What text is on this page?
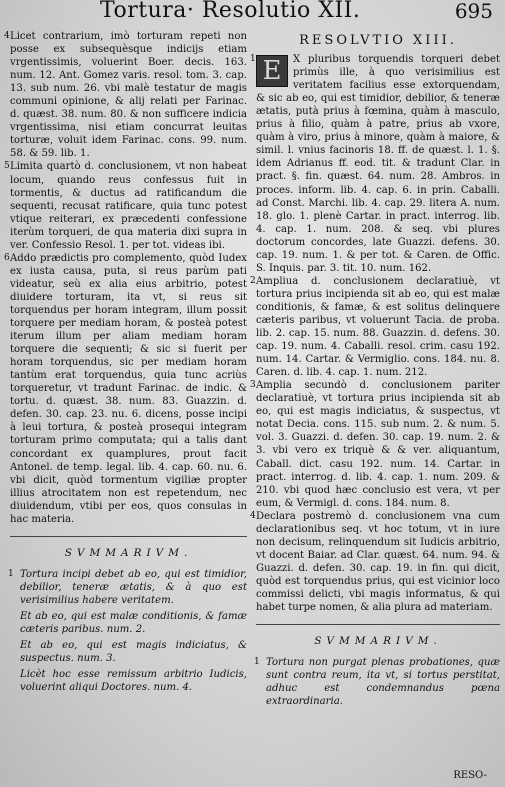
Tortura· Resolutio XII.	695

4 Licet contrarium, imò torturam repeti non posse ex subsequèsque indicijs etiam vrgentissimis, voluerint Boer. decis. 163. num. 12. Ant. Gomez varis. resol. tom. 3. cap. 13. sub num. 26. vbi malè testatur de magis communi opinione, & alij relati per Farinac. d. quæst. 38. num. 80. & non sufficere indicia vrgentissima, nisi etiam concurrat leuitas torturæ, voluit idem Farinac. cons. 99. num. 58. & 59. lib. 1.

5 Limita quartò d. conclusionem, vt non habeat locum, quando reus confessus fuit in tormentis, & ductus ad ratificandum die sequenti, recusat ratificare, quia tunc potest vtique reiterari, ex præcedenti confessione iterùm torqueri, de qua materia dixi supra in ver. Confessio Resol. 1. per tot. videas ibi.

6 Addo prædictis pro complemento, quòd Iudex ex iusta causa, puta, si reus parùm pati videatur, seù ex alia eius arbitrio, potest diuidere torturam, ita vt, si reus sit torquendus per horam integram, illum possit torquere per mediam horam, & posteà potest iterum illum per aliam mediam horam torquere die sequenti; & sic si fuerit per horam torquendus, sic per mediam horam tantùm erat torquendus, quia tunc acriùs torqueretur, vt tradunt Farinac. de indic. & tortu. d. quæst. 38. num. 83. Guazzin. d. defen. 30. cap. 23. nu. 6. dicens, posse incipi à leui tortura, & posteà prosequi integram torturam primo computata; qui a talis dant concordant ex quamplures, prout facit Antonel. de temp. legal. lib. 4. cap. 60. nu. 6. vbi dicit, quòd tormentum vigiliæ propter illius atrocitatem non est repetendum, nec diuidendum, vtibi per eos, quos consulas in hac materia.

SVMMARIVM.

1 Tortura incipi debet ab eo, qui est timidior, debilior, teneræ ætatis, & à quo est verisimilius habere veritatem.

Et ab eo, qui est malæ conditionis, & famæ cæteris paribus. num. 2.

Et ab eo, qui est magis indiciatus, & suspectus. num. 3.

Licèt hoc esse remissum arbitrio Iudicis, voluerint aliqui Doctores. num. 4.

RESOLVTIO XIII.

1 E	X pluribus torquendis torqueri debet primùs ille, à quo verisimilius est veritatem facilius esse extorquendam, & sic ab eo, qui est timidior, debilior, & teneræ ætatis, putà prius à fœmina, quàm à masculo, prius à filio, quàm à patre, prius ab vxore, quàm à viro, prius à minore, quàm à maiore, & simil. l. vnius facinoris 18. ff. de quæst. l. 1. §. idem Adrianus ff. eod. tit. & tradunt Clar. in pract. §. fin. quæst. 64. num. 28. Ambros. in proces. inform. lib. 4. cap. 6. in prin. Caballi. ad Const. Marchi. lib. 4. cap. 29. litera A. num. 18. glo. 1. plenè Cartar. in pract. interrog. lib. 4. cap. 1. num. 208. & seq. vbi plures doctorum concordes, late Guazzi. defens. 30. cap. 19. num. 1. & per tot. & Caren. de Offic. S. Inquis. par. 3. tit. 10. num. 162.

2 Ampliua d. conclusionem declaratiuè, vt tortura prius incipienda sit ab eo, qui est malæ conditionis, & famæ, & est solitus delinquere cæteris paribus, vt voluerunt Tacia. de proba. lib. 2. cap. 15. num. 88. Guazzin. d. defens. 30. cap. 19. num. 4. Caballi. resol. crim. casu 192. num. 14. Cartar. & Vermiglio. cons. 184. nu. 8. Caren. d. lib. 4. cap. 1. num. 212.

3 Amplia secundò d. conclusionem pariter declaratiuè, vt tortura prius incipienda sit ab eo, qui est magis indiciatus, & suspectus, vt notat Decia. cons. 115. sub num. 2. & num. 5. vol. 3. Guazzi. d. defen. 30. cap. 19. num. 2. & 3. vbi vero ex triquè & & ver. aliquantum, Caball. dict. casu 192. num. 14. Cartar. in pract. interrog. d. lib. 4. cap. 1. num. 209. & 210. vbi quod hæc conclusio est vera, vt per eum, & Vermigl. d. cons. 184. num. 8.

4 Declara postremò d. conclusionem vna cum declarationibus seq. vt hoc totum, vt in iure non decisum, relinquendum sit Iudicis arbitrio, vt docent Baiar. ad Clar. quæst. 64. num. 94. & Guazzi. d. defen. 30. cap. 19. in fin. qui dicit, quòd est torquendus prius, qui est vicinior loco commissi delicti, vbi magis informatus, & qui habet turpe nomen, & alia plura ad materiam.

SVMMARIVM.

1 Tortura non purgat plenas probationes, quæ sunt contra reum, ita vt, si tortus perstitat, adhuc est condemnandus pœna extraordinaria.

RESO-
